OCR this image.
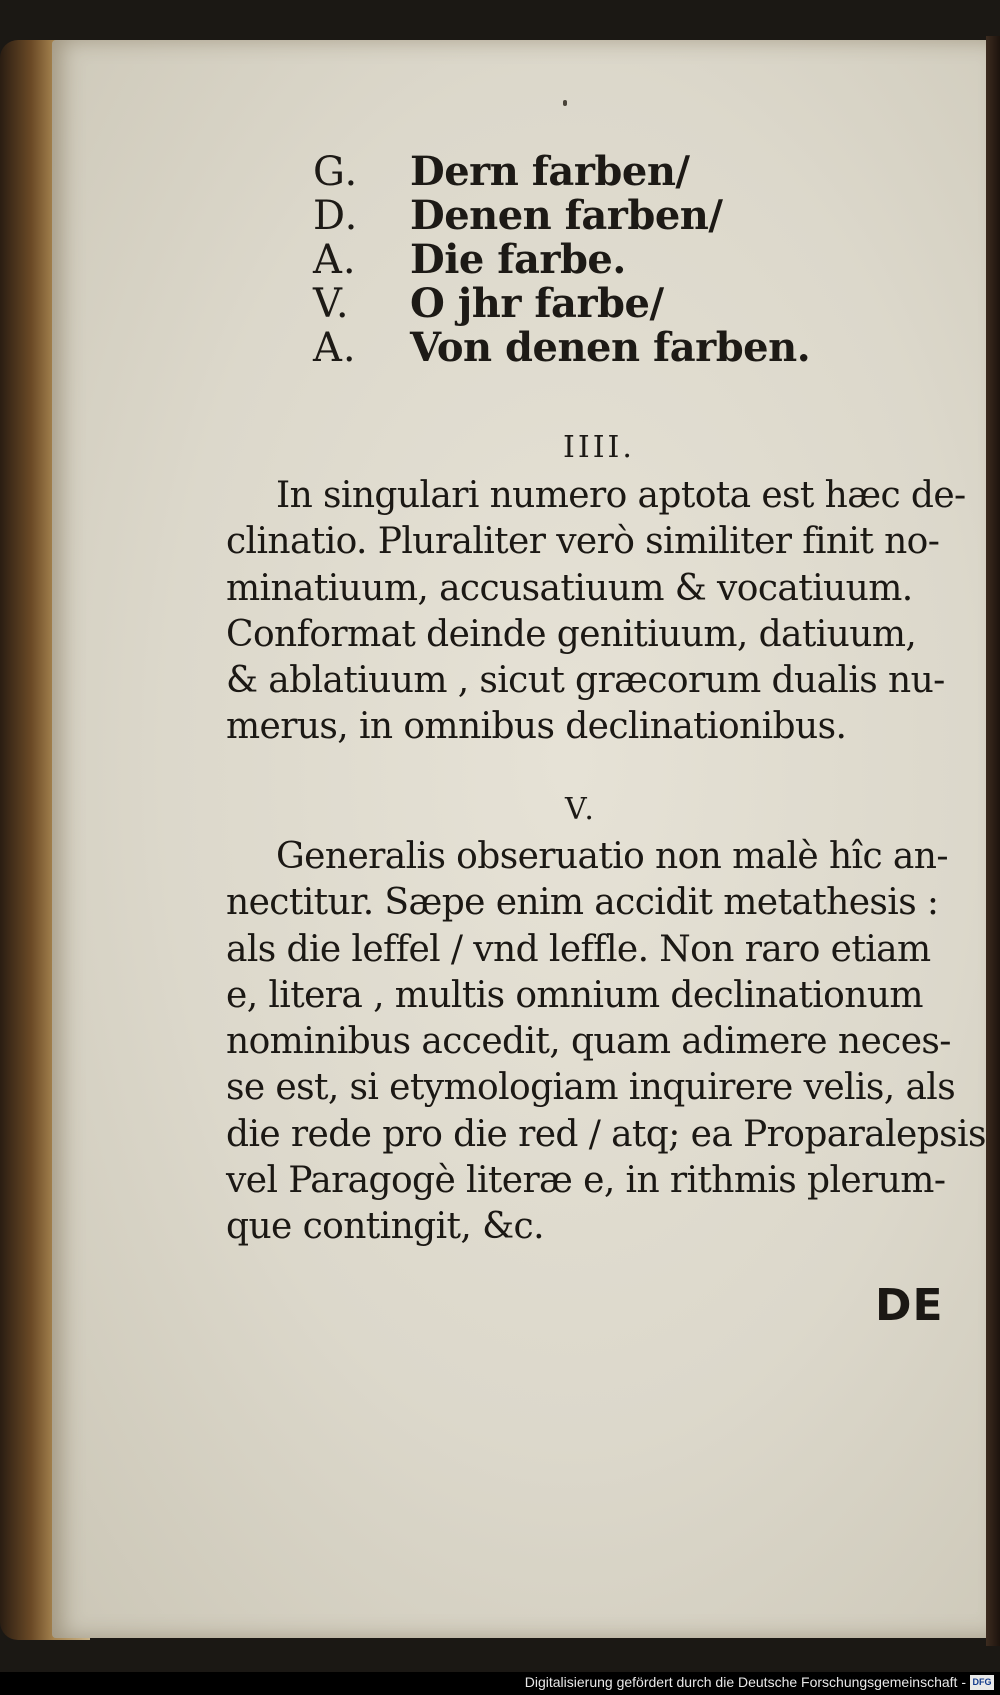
G.	Dern farben/
D.	Denen farben/
A.	Die farbe.
V.	O jhr farbe/
A.	Von denen farben.
IIII.
In singulari numero aptota est hæc de-
clinatio. Pluraliter verò similiter finit no-
minatiuum, accusatiuum & vocatiuum.
Conformat deinde genitiuum, datiuum,
& ablatiuum , sicut græcorum dualis nu-
merus, in omnibus declinationibus.
V.
Generalis obseruatio non malè hîc an-
nectitur. Sæpe enim accidit metathesis :
als die leffel / vnd leffle. Non raro etiam
e, litera , multis omnium declinationum
nominibus accedit, quam adimere neces-
se est, si etymologiam inquirere velis, als
die rede pro die red / atq; ea Proparalepsis
vel Paragogè literæ e, in rithmis plerum-
que contingit, &c.
DE
Digitalisierung gefördert durch die Deutsche Forschungsgemeinschaft - DFG
